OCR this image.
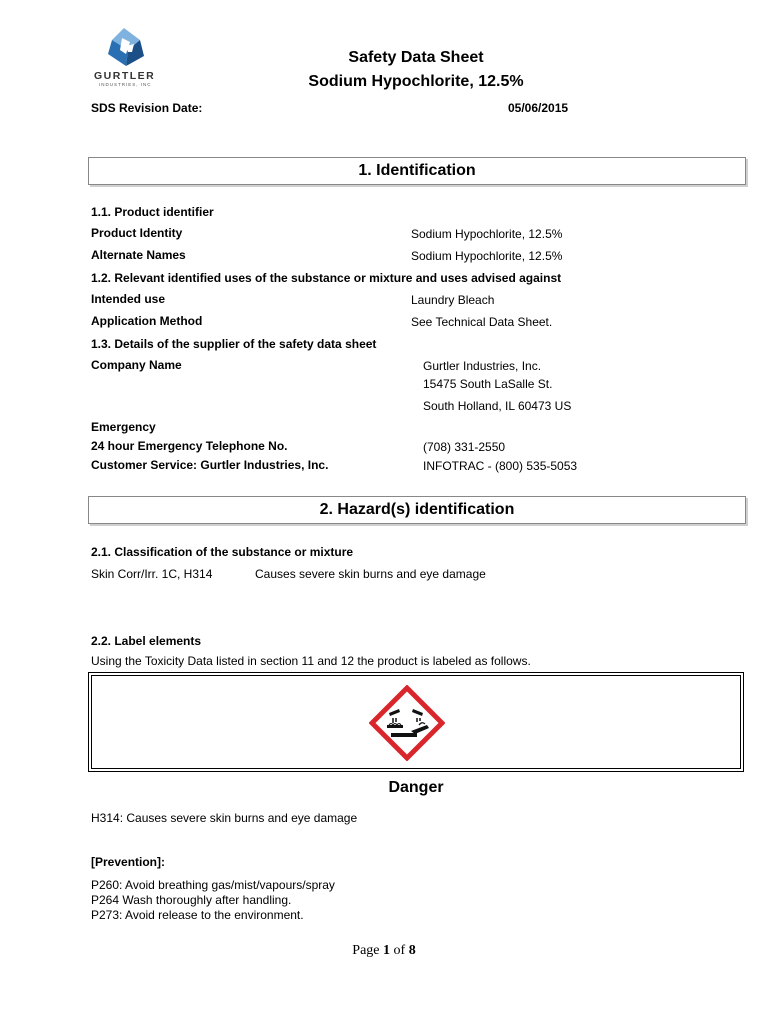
GURTLER
INDUSTRIES, INC
Safety Data Sheet
Sodium Hypochlorite, 12.5%
SDS Revision Date:	05/06/2015
1. Identification
1.1. Product identifier
Product Identity	Sodium Hypochlorite, 12.5%
Alternate Names	Sodium Hypochlorite, 12.5%
1.2. Relevant identified uses of the substance or mixture and uses advised against
Intended use	Laundry Bleach
Application Method	See Technical Data Sheet.
1.3. Details of the supplier of the safety data sheet
Company Name	Gurtler Industries, Inc.
15475 South LaSalle St.
South Holland, IL 60473 US
Emergency
24 hour Emergency Telephone No.	(708) 331-2550
Customer Service: Gurtler Industries, Inc.	INFOTRAC - (800) 535-5053
2. Hazard(s) identification
2.1. Classification of the substance or mixture
Skin Corr/Irr. 1C, H314	Causes severe skin burns and eye damage
2.2. Label elements
Using the Toxicity Data listed in section 11 and 12 the product is labeled as follows.
Danger
H314: Causes severe skin burns and eye damage
[Prevention]:
P260: Avoid breathing gas/mist/vapours/spray
P264 Wash thoroughly after handling.
P273: Avoid release to the environment.
Page 1 of 8
